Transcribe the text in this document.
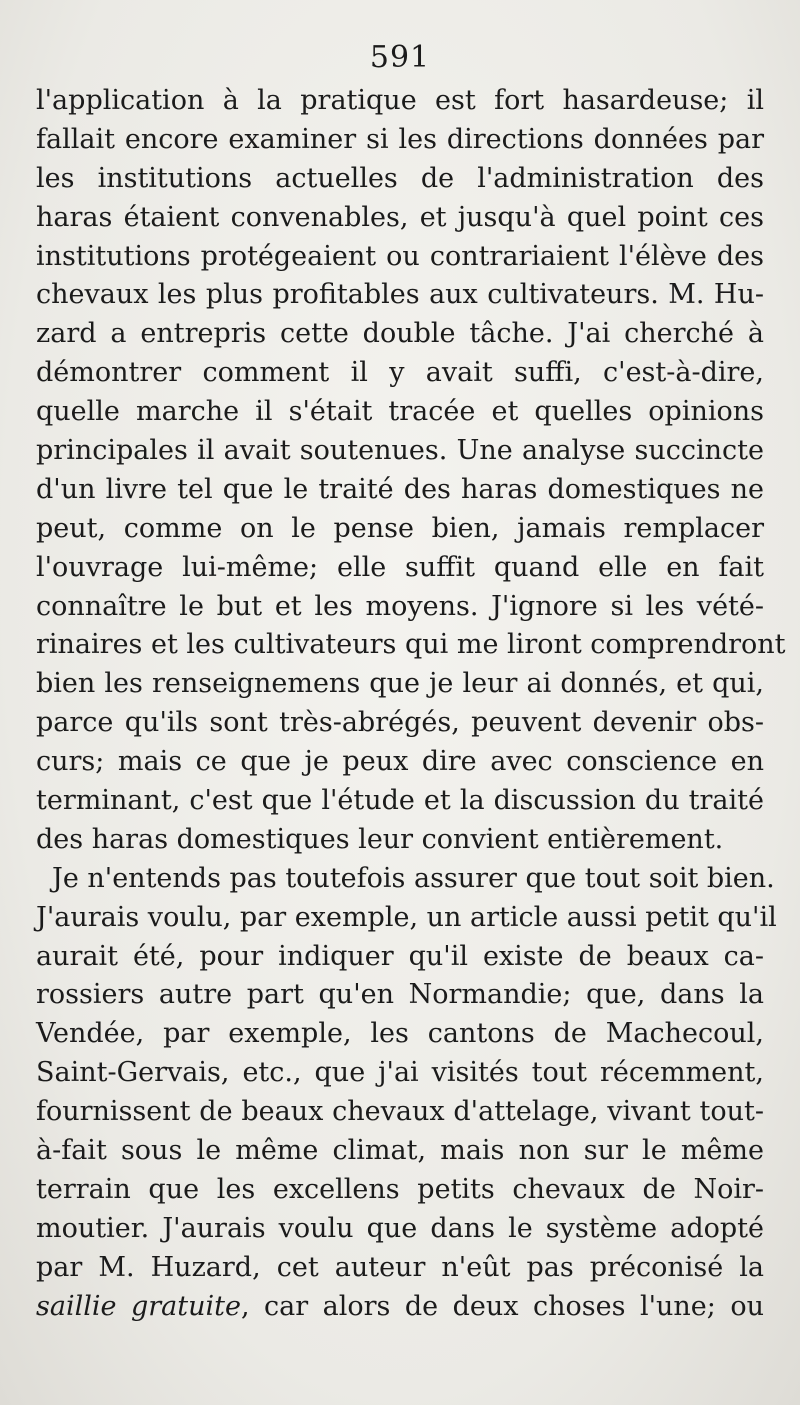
591
l'application à la pratique est fort hasardeuse; il
fallait encore examiner si les directions données par
les institutions actuelles de l'administration des
haras étaient convenables, et jusqu'à quel point ces
institutions protégeaient ou contrariaient l'élève des
chevaux les plus profitables aux cultivateurs. M. Hu-
zard a entrepris cette double tâche. J'ai cherché à
démontrer comment il y avait suffi, c'est-à-dire,
quelle marche il s'était tracée et quelles opinions
principales il avait soutenues. Une analyse succincte
d'un livre tel que le traité des haras domestiques ne
peut, comme on le pense bien, jamais remplacer
l'ouvrage lui-même; elle suffit quand elle en fait
connaître le but et les moyens. J'ignore si les vété-
rinaires et les cultivateurs qui me liront comprendront
bien les renseignemens que je leur ai donnés, et qui,
parce qu'ils sont très-abrégés, peuvent devenir obs-
curs; mais ce que je peux dire avec conscience en
terminant, c'est que l'étude et la discussion du traité
des haras domestiques leur convient entièrement.
Je n'entends pas toutefois assurer que tout soit bien.
J'aurais voulu, par exemple, un article aussi petit qu'il
aurait été, pour indiquer qu'il existe de beaux ca-
rossiers autre part qu'en Normandie; que, dans la
Vendée, par exemple, les cantons de Machecoul,
Saint-Gervais, etc., que j'ai visités tout récemment,
fournissent de beaux chevaux d'attelage, vivant tout-
à-fait sous le même climat, mais non sur le même
terrain que les excellens petits chevaux de Noir-
moutier. J'aurais voulu que dans le système adopté
par M. Huzard, cet auteur n'eût pas préconisé la
saillie gratuite, car alors de deux choses l'une; ou
